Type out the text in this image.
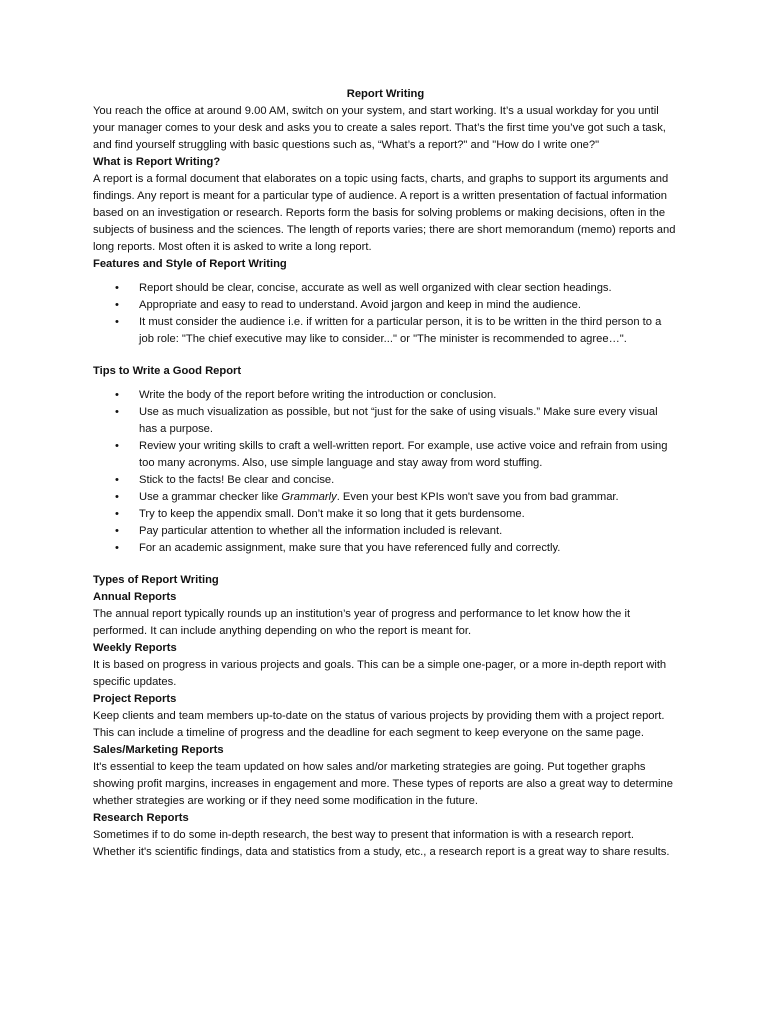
Report Writing

You reach the office at around 9.00 AM, switch on your system, and start working. It’s a usual workday for you until your manager comes to your desk and asks you to create a sales report. That’s the first time you’ve got such a task, and find yourself struggling with basic questions such as, “What’s a report?" and "How do I write one?"

What is Report Writing?

A report is a formal document that elaborates on a topic using facts, charts, and graphs to support its arguments and findings. Any report is meant for a particular type of audience. A report is a written presentation of factual information based on an investigation or research. Reports form the basis for solving problems or making decisions, often in the subjects of business and the sciences. The length of reports varies; there are short memorandum (memo) reports and long reports. Most often it is asked to write a long report.

Features and Style of Report Writing

• Report should be clear, concise, accurate as well as well organized with clear section headings.
• Appropriate and easy to read to understand. Avoid jargon and keep in mind the audience.
• It must consider the audience i.e. if written for a particular person, it is to be written in the third person to a job role: "The chief executive may like to consider..." or "The minister is recommended to agree…".

Tips to Write a Good Report

• Write the body of the report before writing the introduction or conclusion.
• Use as much visualization as possible, but not “just for the sake of using visuals.” Make sure every visual has a purpose.
• Review your writing skills to craft a well-written report. For example, use active voice and refrain from using too many acronyms. Also, use simple language and stay away from word stuffing.
• Stick to the facts! Be clear and concise.
• Use a grammar checker like Grammarly. Even your best KPIs won't save you from bad grammar.
• Try to keep the appendix small. Don’t make it so long that it gets burdensome.
• Pay particular attention to whether all the information included is relevant.
• For an academic assignment, make sure that you have referenced fully and correctly.

Types of Report Writing

Annual Reports

The annual report typically rounds up an institution’s year of progress and performance to let know how the it performed. It can include anything depending on who the report is meant for.

Weekly Reports

It is based on progress in various projects and goals. This can be a simple one-pager, or a more in-depth report with specific updates.

Project Reports

Keep clients and team members up-to-date on the status of various projects by providing them with a project report. This can include a timeline of progress and the deadline for each segment to keep everyone on the same page.

Sales/Marketing Reports

It's essential to keep the team updated on how sales and/or marketing strategies are going. Put together graphs showing profit margins, increases in engagement and more. These types of reports are also a great way to determine whether strategies are working or if they need some modification in the future.

Research Reports

Sometimes if to do some in-depth research, the best way to present that information is with a research report. Whether it's scientific findings, data and statistics from a study, etc., a research report is a great way to share results.
